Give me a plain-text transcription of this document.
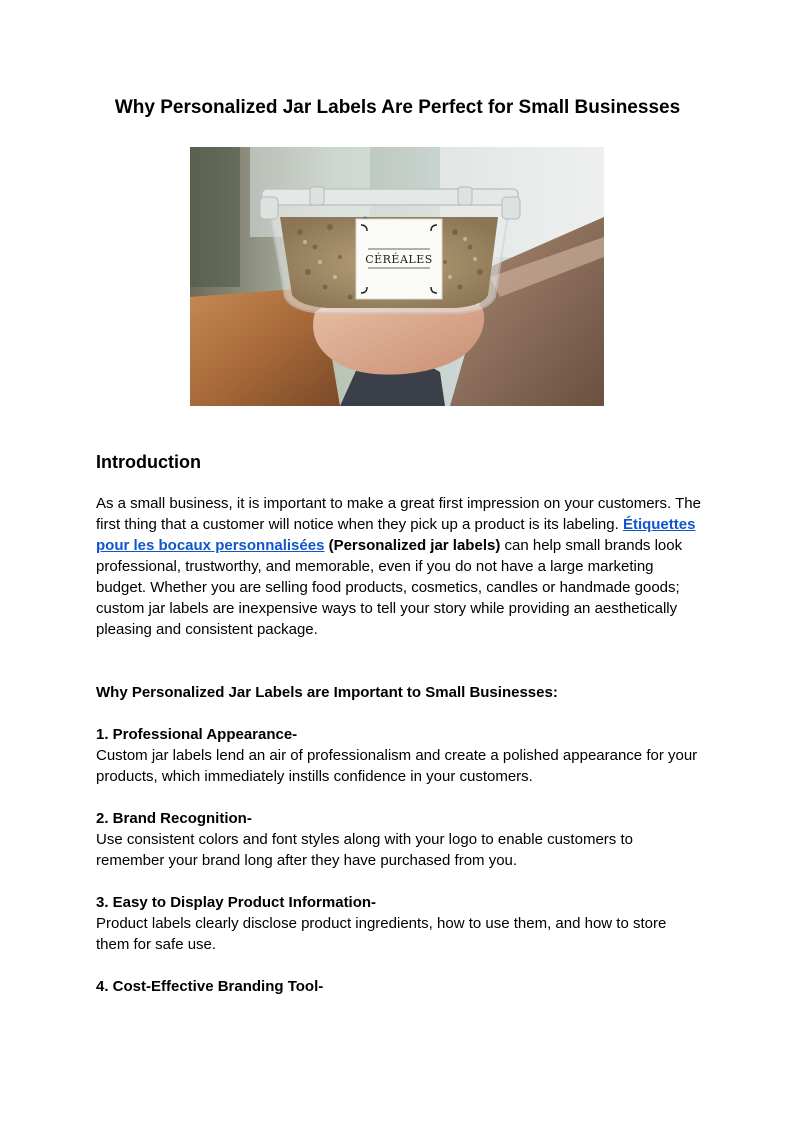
Why Personalized Jar Labels Are Perfect for Small Businesses
CÉRÉALES
Introduction

As a small business, it is important to make a great first impression on your customers. The first thing that a customer will notice when they pick up a product is its labeling. Étiquettes pour les bocaux personnalisées (Personalized jar labels) can help small brands look professional, trustworthy, and memorable, even if you do not have a large marketing budget. Whether you are selling food products, cosmetics, candles or handmade goods; custom jar labels are inexpensive ways to tell your story while providing an aesthetically pleasing and consistent package.

Why Personalized Jar Labels are Important to Small Businesses:

1. Professional Appearance-
Custom jar labels lend an air of professionalism and create a polished appearance for your products, which immediately instills confidence in your customers.

2. Brand Recognition-
Use consistent colors and font styles along with your logo to enable customers to remember your brand long after they have purchased from you.

3. Easy to Display Product Information-
Product labels clearly disclose product ingredients, how to use them, and how to store them for safe use.

4. Cost-Effective Branding Tool-
